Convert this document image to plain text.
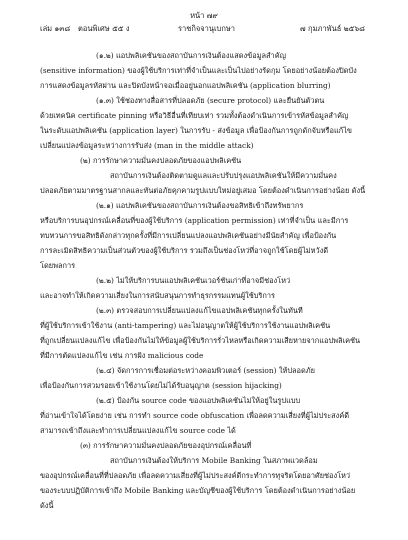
หน้า ๗๙
เล่ม ๑๓๘ ตอนพิเศษ ๕๕ ง	ราชกิจจานุเบกษา	๗ กุมภาพันธ์ ๒๕๖๘
(๑.๒) แอปพลิเคชันของสถาบันการเงินต้องแสดงข้อมูลสำคัญ
(sensitive information) ของผู้ใช้บริการเท่าที่จำเป็นและเป็นไปอย่างรัดกุม โดยอย่างน้อยต้องปิดบัง
การแสดงข้อมูลรหัสผ่าน และปิดบังหน้าจอเมื่ออยู่นอกแอปพลิเคชัน (application blurring)
(๑.๓) ใช้ช่องทางสื่อสารที่ปลอดภัย (secure protocol) และยืนยันตัวตน
ด้วยเทคนิค certificate pinning หรือวิธีอื่นที่เทียบเท่า รวมทั้งต้องดำเนินการเข้ารหัสข้อมูลสำคัญ
ในระดับแอปพลิเคชัน (application layer) ในการรับ - ส่งข้อมูล เพื่อป้องกันการถูกดักจับหรือแก้ไข
เปลี่ยนแปลงข้อมูลระหว่างการรับส่ง (man in the middle attack)
(๒) การรักษาความมั่นคงปลอดภัยของแอปพลิเคชัน
สถาบันการเงินต้องติดตามดูแลและปรับปรุงแอปพลิเคชันให้มีความมั่นคง
ปลอดภัยตามมาตรฐานสากลและทันต่อภัยคุกคามรูปแบบใหม่อยู่เสมอ โดยต้องดำเนินการอย่างน้อย ดังนี้
(๒.๑) แอปพลิเคชันของสถาบันการเงินต้องขอสิทธิเข้าถึงทรัพยากร
หรือบริการบนอุปกรณ์เคลื่อนที่ของผู้ใช้บริการ (application permission) เท่าที่จำเป็น และมีการ
ทบทวนการขอสิทธิดังกล่าวทุกครั้งที่มีการเปลี่ยนแปลงแอปพลิเคชันอย่างมีนัยสำคัญ เพื่อป้องกัน
การละเมิดสิทธิความเป็นส่วนตัวของผู้ใช้บริการ รวมถึงเป็นช่องโหว่ที่อาจถูกใช้โดยผู้ไม่หวังดี
โดยพลการ
(๒.๒) ไม่ให้บริการบนแอปพลิเคชันเวอร์ชันเก่าที่อาจมีช่องโหว่
และอาจทำให้เกิดความเสี่ยงในการสนับสนุนการทำธุรกรรมแทนผู้ใช้บริการ
(๒.๓) ตรวจสอบการเปลี่ยนแปลงแก้ไขแอปพลิเคชันทุกครั้งในทันที
ที่ผู้ใช้บริการเข้าใช้งาน (anti-tampering) และไม่อนุญาตให้ผู้ใช้บริการใช้งานแอปพลิเคชัน
ที่ถูกเปลี่ยนแปลงแก้ไข เพื่อป้องกันไม่ให้ข้อมูลผู้ใช้บริการรั่วไหลหรือเกิดความเสียหายจากแอปพลิเคชัน
ที่มีการตัดแปลงแก้ไข เช่น การฝัง malicious code
(๒.๔) จัดการการเชื่อมต่อระหว่างคอมพิวเตอร์ (session) ให้ปลอดภัย
เพื่อป้องกันการสวมรอยเข้าใช้งานโดยไม่ได้รับอนุญาต (session hijacking)
(๒.๕) ป้องกัน source code ของแอปพลิเคชันไม่ให้อยู่ในรูปแบบ
ที่อ่านเข้าใจได้โดยง่าย เช่น การทำ source code obfuscation เพื่อลดความเสี่ยงที่ผู้ไม่ประสงค์ดี
สามารถเข้าถึงและทำการเปลี่ยนแปลงแก้ไข source code ได้
(๓) การรักษาความมั่นคงปลอดภัยของอุปกรณ์เคลื่อนที่
สถาบันการเงินต้องให้บริการ Mobile Banking ในสภาพแวดล้อม
ของอุปกรณ์เคลื่อนที่ที่ปลอดภัย เพื่อลดความเสี่ยงที่ผู้ไม่ประสงค์ดีกระทำการทุจริตโดยอาศัยช่องโหว่
ของระบบปฏิบัติการเข้าถึง Mobile Banking และบัญชีของผู้ใช้บริการ โดยต้องดำเนินการอย่างน้อย
ดังนี้
